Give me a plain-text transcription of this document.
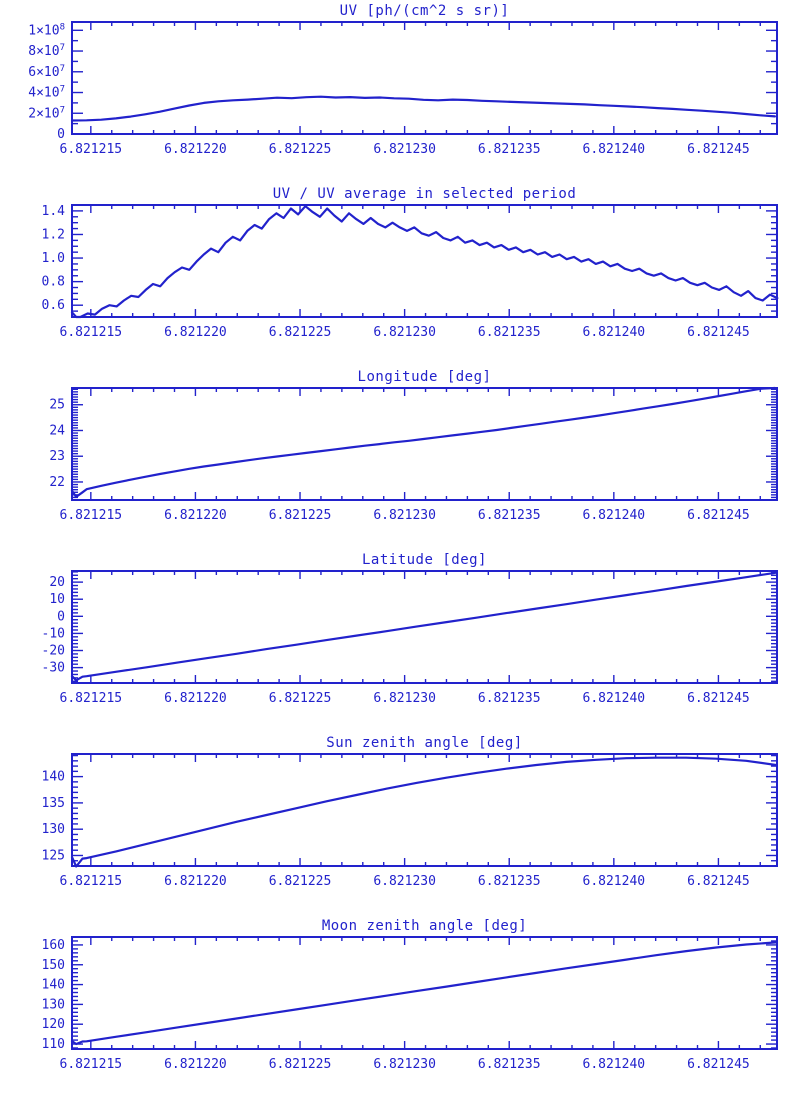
6.821215	6.821220	6.821225	6.821230	6.821235	6.821240	6.821245
0
$2\times 10^7$
$4\times 10^7$
$6\times 10^7$
$8\times 10^7$
$1\times 10^8$
UV [ph/(cm^2 s sr)]
6.821215	6.821220	6.821225	6.821230	6.821235	6.821240	6.821245
0.6
0.8
1.0
1.2
1.4
UV / UV average in selected period
6.821215	6.821220	6.821225	6.821230	6.821235	6.821240	6.821245
22
23
24
25
Longitude [deg]
6.821215	6.821220	6.821225	6.821230	6.821235	6.821240	6.821245
-30
-20
-10
0
10
20
Latitude [deg]
6.821215	6.821220	6.821225	6.821230	6.821235	6.821240	6.821245
125
130
135
140
Sun zenith angle [deg]
6.821215	6.821220	6.821225	6.821230	6.821235	6.821240	6.821245
110
120
130
140
150
160
Moon zenith angle [deg]
